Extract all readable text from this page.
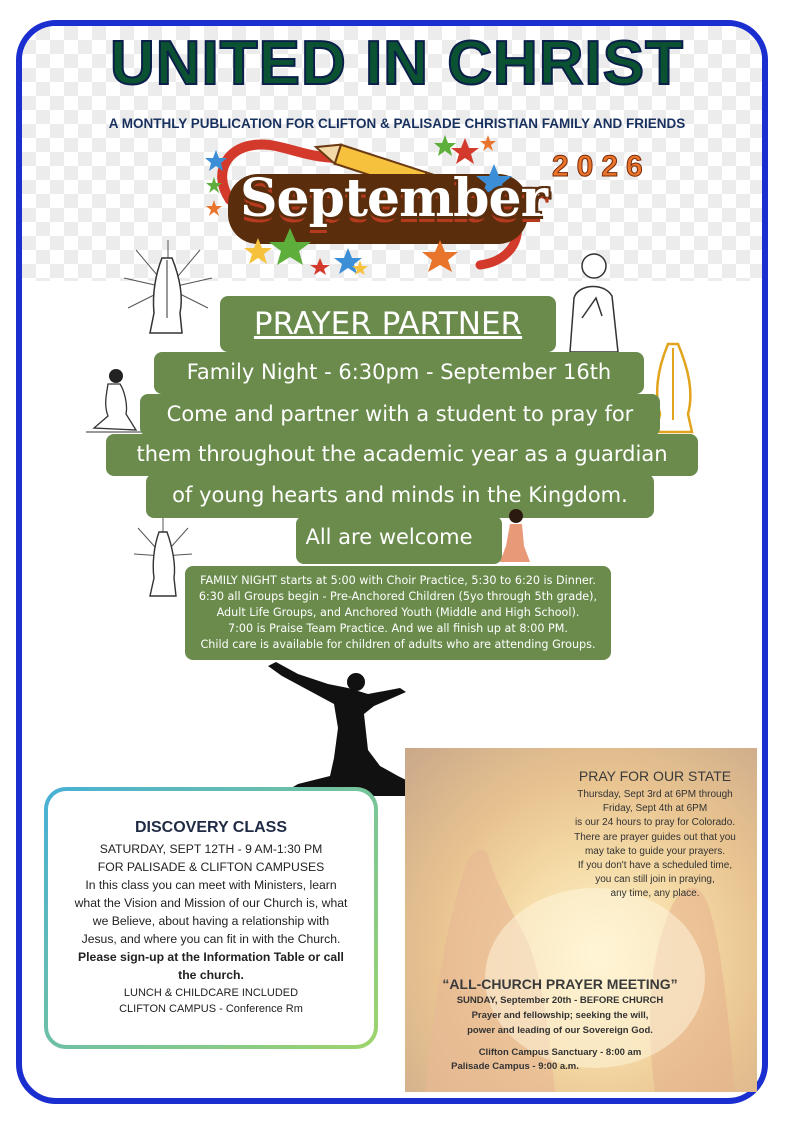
UNITED IN CHRIST
A MONTHLY PUBLICATION FOR CLIFTON & PALISADE CHRISTIAN FAMILY AND FRIENDS
2026
September
PRAYER PARTNER
Family Night - 6:30pm - September 16th
Come and partner with a student to pray for
them throughout the academic year as a guardian
of young hearts and minds in the Kingdom.
All are welcome
FAMILY NIGHT starts at 5:00 with Choir Practice, 5:30 to 6:20 is Dinner.
6:30 all Groups begin - Pre-Anchored Children (5yo through 5th grade),
Adult Life Groups, and Anchored Youth (Middle and High School).
7:00 is Praise Team Practice. And we all finish up at 8:00 PM.
Child care is available for children of adults who are attending Groups.
DISCOVERY CLASS
SATURDAY, SEPT 12TH - 9 AM-1:30 PM
FOR PALISADE & CLIFTON CAMPUSES
In this class you can meet with Ministers, learn
what the Vision and Mission of our Church is, what
we Believe, about having a relationship with
Jesus, and where you can fit in with the Church.
Please sign-up at the Information Table or call
the church.
LUNCH & CHILDCARE INCLUDED
CLIFTON CAMPUS - Conference Rm
PRAY FOR OUR STATE
Thursday, Sept 3rd at 6PM through
Friday, Sept 4th at 6PM
is our 24 hours to pray for Colorado.
There are prayer guides out that you
may take to guide your prayers.
If you don't have a scheduled time,
you can still join in praying,
any time, any place.
“ALL-CHURCH PRAYER MEETING”
SUNDAY, September 20th - BEFORE CHURCH
Prayer and fellowship; seeking the will,
power and leading of our Sovereign God.
Clifton Campus Sanctuary - 8:00 am
Palisade Campus - 9:00 a.m.
